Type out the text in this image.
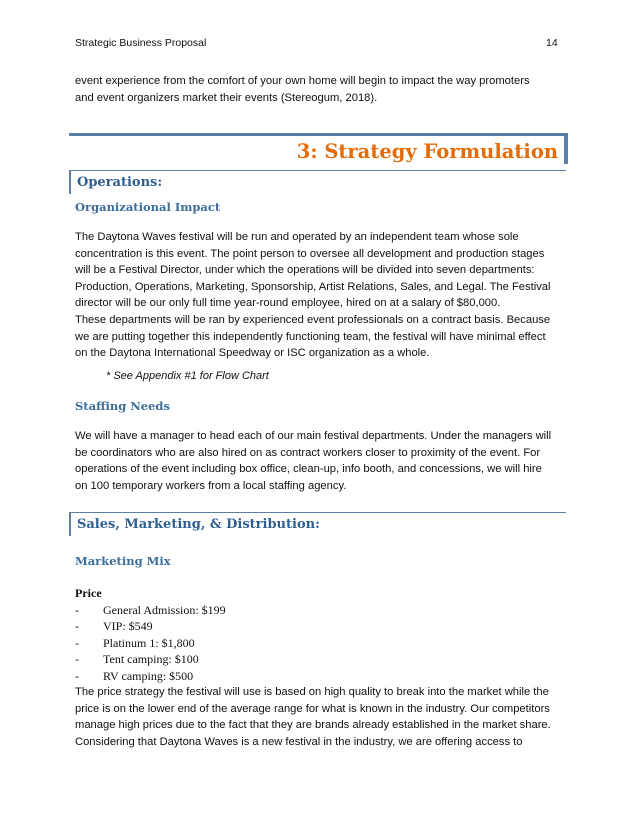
Strategic Business Proposal	14
event experience from the comfort of your own home will begin to impact the way promoters
and event organizers market their events (Stereogum, 2018).
3: Strategy Formulation
Operations:
Organizational Impact
The Daytona Waves festival will be run and operated by an independent team whose sole
concentration is this event. The point person to oversee all development and production stages
will be a Festival Director, under which the operations will be divided into seven departments:
Production, Operations, Marketing, Sponsorship, Artist Relations, Sales, and Legal. The Festival
director will be our only full time year-round employee, hired on at a salary of $80,000.
These departments will be ran by experienced event professionals on a contract basis. Because
we are putting together this independently functioning team, the festival will have minimal effect
on the Daytona International Speedway or ISC organization as a whole.
* See Appendix #1 for Flow Chart
Staffing Needs
We will have a manager to head each of our main festival departments. Under the managers will
be coordinators who are also hired on as contract workers closer to proximity of the event. For
operations of the event including box office, clean-up, info booth, and concessions, we will hire
on 100 temporary workers from a local staffing agency.
Sales, Marketing, & Distribution:
Marketing Mix
Price
- General Admission: $199
- VIP: $549
- Platinum 1: $1,800
- Tent camping: $100
- RV camping: $500
The price strategy the festival will use is based on high quality to break into the market while the
price is on the lower end of the average range for what is known in the industry. Our competitors
manage high prices due to the fact that they are brands already established in the market share.
Considering that Daytona Waves is a new festival in the industry, we are offering access to
